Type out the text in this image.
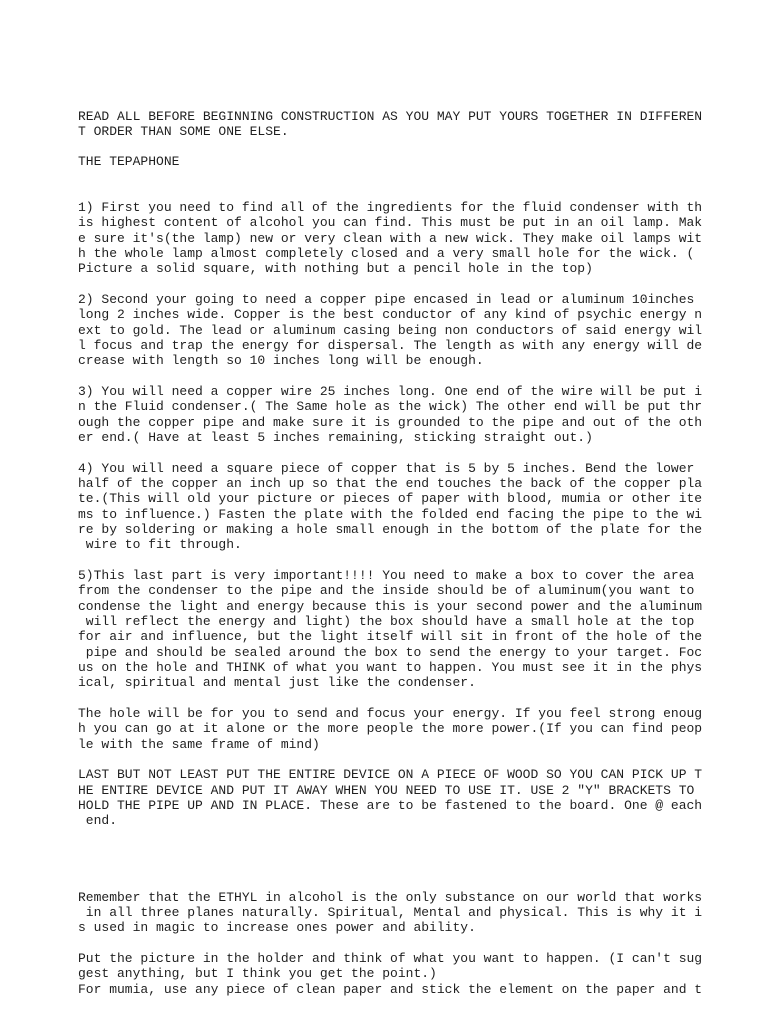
READ ALL BEFORE BEGINNING CONSTRUCTION AS YOU MAY PUT YOURS TOGETHER IN DIFFEREN

T ORDER THAN SOME ONE ELSE.

THE TEPAPHONE

1) First you need to find all of the ingredients for the fluid condenser with th

is highest content of alcohol you can find. This must be put in an oil lamp. Mak

e sure it's(the lamp) new or very clean with a new wick. They make oil lamps wit

h the whole lamp almost completely closed and a very small hole for the wick. (

Picture a solid square, with nothing but a pencil hole in the top)

2) Second your going to need a copper pipe encased in lead or aluminum 10inches

long 2 inches wide. Copper is the best conductor of any kind of psychic energy n

ext to gold. The lead or aluminum casing being non conductors of said energy wil

l focus and trap the energy for dispersal. The length as with any energy will de

crease with length so 10 inches long will be enough.

3) You will need a copper wire 25 inches long. One end of the wire will be put i

n the Fluid condenser.( The Same hole as the wick) The other end will be put thr

ough the copper pipe and make sure it is grounded to the pipe and out of the oth

er end.( Have at least 5 inches remaining, sticking straight out.)

4) You will need a square piece of copper that is 5 by 5 inches. Bend the lower

half of the copper an inch up so that the end touches the back of the copper pla

te.(This will old your picture or pieces of paper with blood, mumia or other ite

ms to influence.) Fasten the plate with the folded end facing the pipe to the wi

re by soldering or making a hole small enough in the bottom of the plate for the

wire to fit through.

5)This last part is very important!!!! You need to make a box to cover the area

from the condenser to the pipe and the inside should be of aluminum(you want to

condense the light and energy because this is your second power and the aluminum

will reflect the energy and light) the box should have a small hole at the top

for air and influence, but the light itself will sit in front of the hole of the

pipe and should be sealed around the box to send the energy to your target. Foc

us on the hole and THINK of what you want to happen. You must see it in the phys

ical, spiritual and mental just like the condenser.

The hole will be for you to send and focus your energy. If you feel strong enoug

h you can go at it alone or the more people the more power.(If you can find peop

le with the same frame of mind)

LAST BUT NOT LEAST PUT THE ENTIRE DEVICE ON A PIECE OF WOOD SO YOU CAN PICK UP T

HE ENTIRE DEVICE AND PUT IT AWAY WHEN YOU NEED TO USE IT. USE 2 "Y" BRACKETS TO

HOLD THE PIPE UP AND IN PLACE. These are to be fastened to the board. One @ each

end.

Remember that the ETHYL in alcohol is the only substance on our world that works

in all three planes naturally. Spiritual, Mental and physical. This is why it i

s used in magic to increase ones power and ability.

Put the picture in the holder and think of what you want to happen. (I can't sug

gest anything, but I think you get the point.)

For mumia, use any piece of clean paper and stick the element on the paper and t
